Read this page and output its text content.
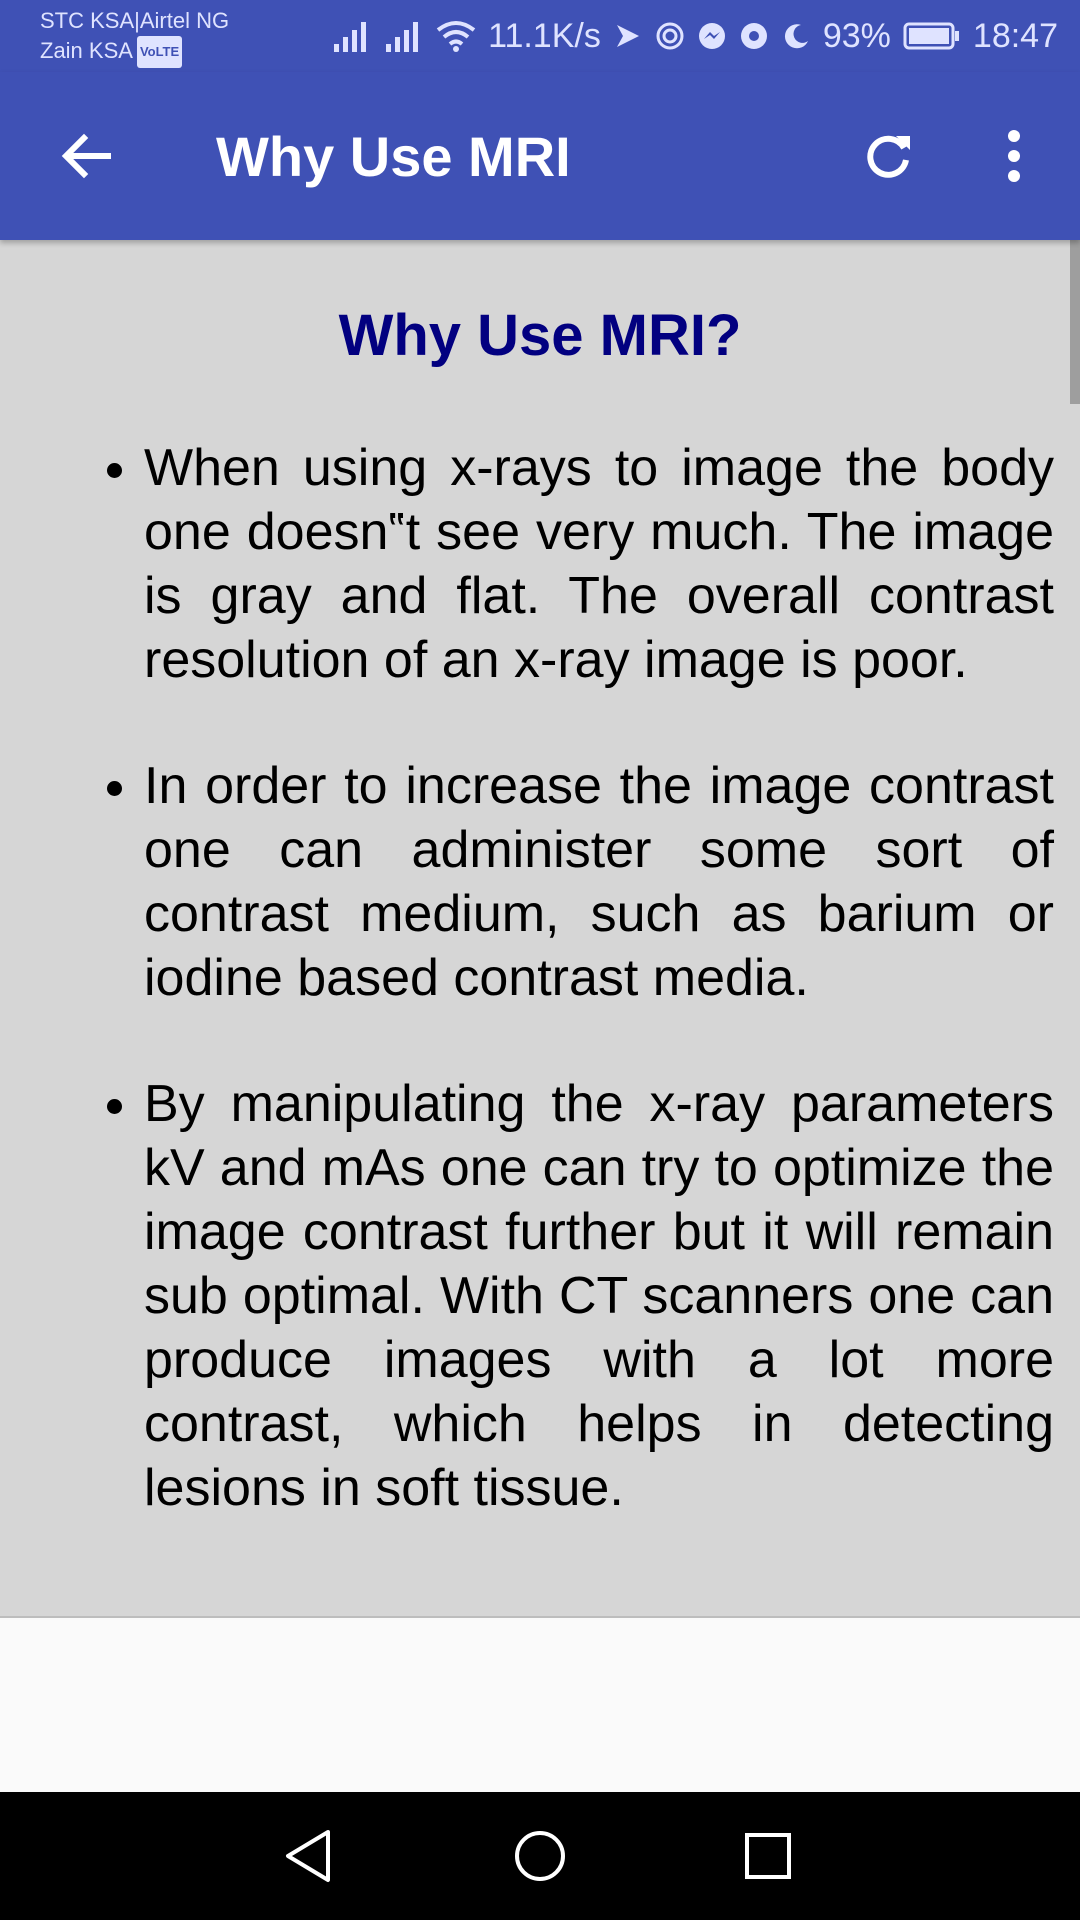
STC KSA|Airtel NG
Zain KSA VoLTE	11.1K/s	93% 18:47
Why Use MRI
Why Use MRI?
• When using x-rays to image the body one doesn‟t see very much. The image is gray and flat. The overall contrast resolution of an x-ray image is poor.
• In order to increase the image contrast one can administer some sort of contrast medium, such as barium or iodine based contrast media.
• By manipulating the x-ray parameters kV and mAs one can try to optimize the image contrast further but it will remain sub optimal. With CT scanners one can produce images with a lot more contrast, which helps in detecting lesions in soft tissue.
